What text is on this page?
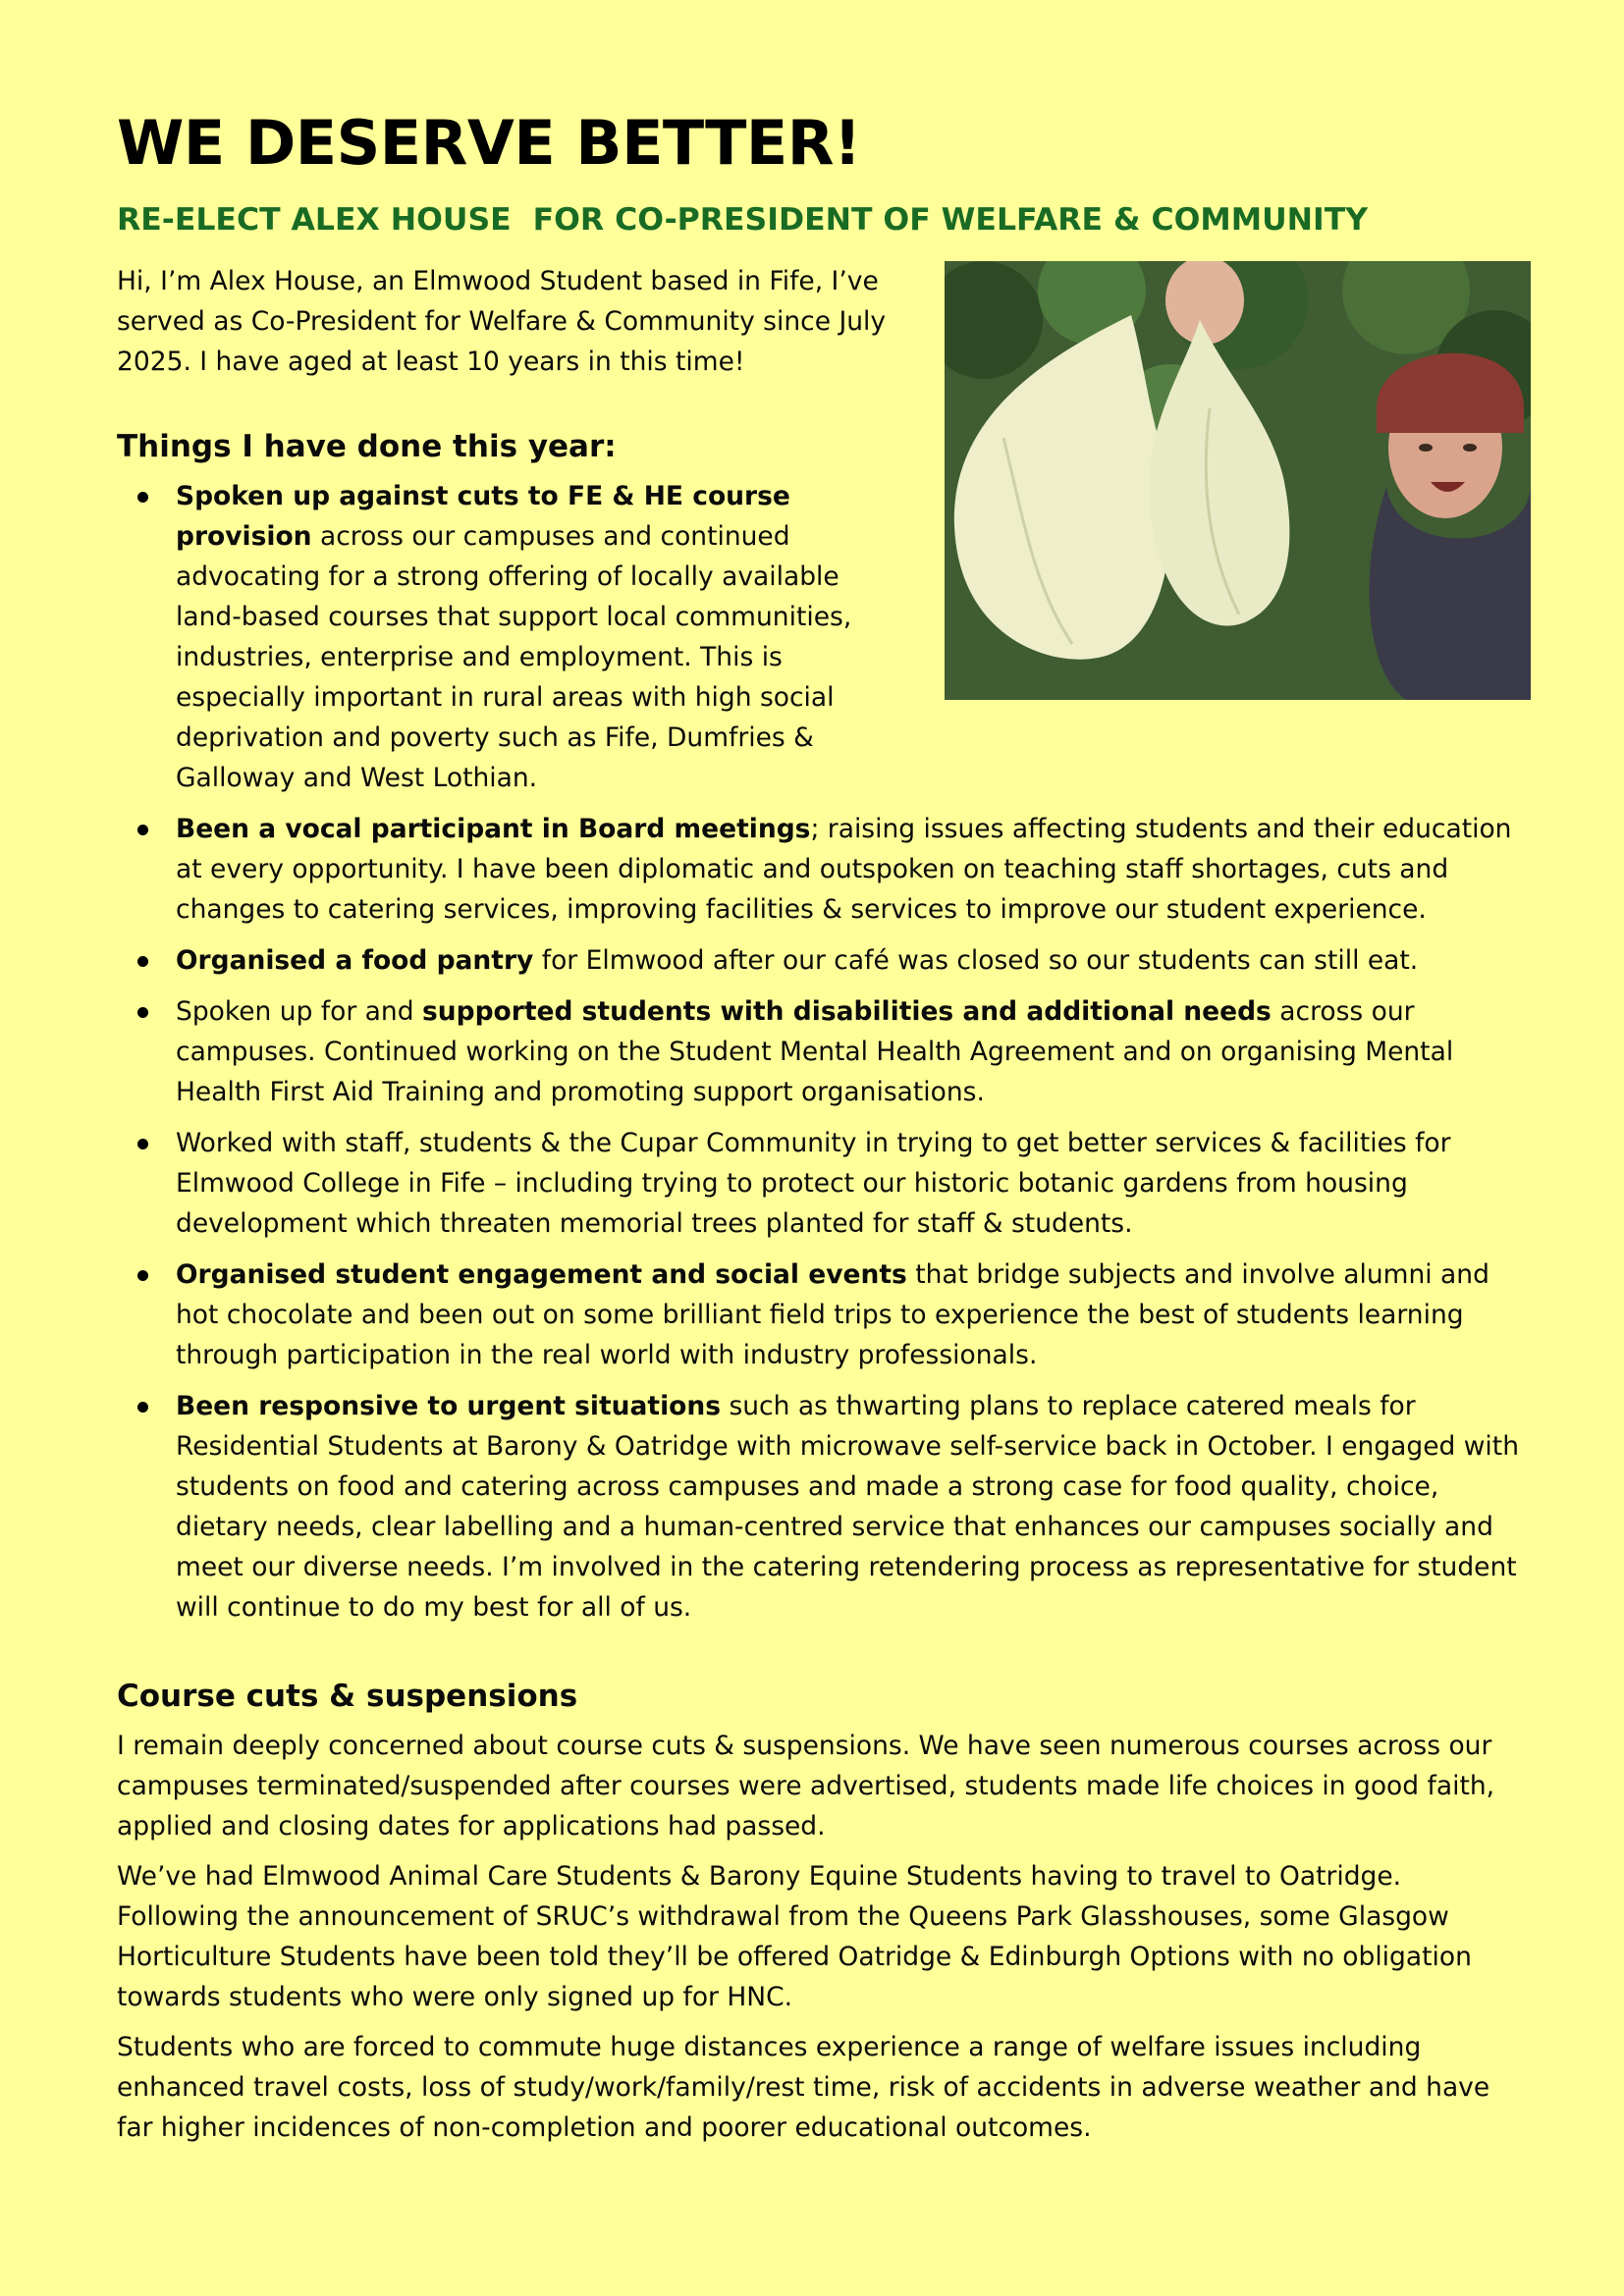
WE DESERVE BETTER!
RE-ELECT ALEX HOUSE  FOR CO-PRESIDENT OF WELFARE & COMMUNITY

Hi, I’m Alex House, an Elmwood Student based in Fife, I’ve served as Co-President for Welfare & Community since July 2025. I have aged at least 10 years in this time!

Things I have done this year:
Spoken up against cuts to FE & HE course provision across our campuses and continued advocating for a strong offering of locally available land-based courses that support local communities, industries, enterprise and employment. This is especially important in rural areas with high social deprivation and poverty such as Fife, Dumfries & Galloway and West Lothian.
Been a vocal participant in Board meetings; raising issues affecting students and their education at every opportunity. I have been diplomatic and outspoken on teaching staff shortages, cuts and changes to catering services, improving facilities & services to improve our student experience.
Organised a food pantry for Elmwood after our café was closed so our students can still eat.
Spoken up for and supported students with disabilities and additional needs across our campuses. Continued working on the Student Mental Health Agreement and on organising Mental Health First Aid Training and promoting support organisations.
Worked with staff, students & the Cupar Community in trying to get better services & facilities for Elmwood College in Fife – including trying to protect our historic botanic gardens from housing development which threaten memorial trees planted for staff & students.
Organised student engagement and social events that bridge subjects and involve alumni and hot chocolate and been out on some brilliant field trips to experience the best of students learning through participation in the real world with industry professionals.
Been responsive to urgent situations such as thwarting plans to replace catered meals for Residential Students at Barony & Oatridge with microwave self-service back in October. I engaged with students on food and catering across campuses and made a strong case for food quality, choice, dietary needs, clear labelling and a human-centred service that enhances our campuses socially and meet our diverse needs. I’m involved in the catering retendering process as representative for student will continue to do my best for all of us.
Course cuts & suspensions

I remain deeply concerned about course cuts & suspensions. We have seen numerous courses across our campuses terminated/suspended after courses were advertised, students made life choices in good faith, applied and closing dates for applications had passed.

We’ve had Elmwood Animal Care Students & Barony Equine Students having to travel to Oatridge. Following the announcement of SRUC’s withdrawal from the Queens Park Glasshouses, some Glasgow Horticulture Students have been told they’ll be offered Oatridge & Edinburgh Options with no obligation towards students who were only signed up for HNC.

Students who are forced to commute huge distances experience a range of welfare issues including enhanced travel costs, loss of study/work/family/rest time, risk of accidents in adverse weather and have far higher incidences of non-completion and poorer educational outcomes.
